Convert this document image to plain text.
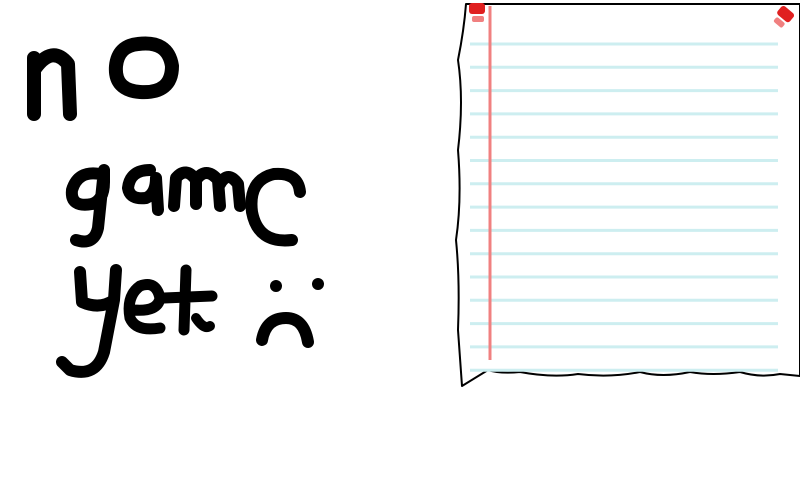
no
game
yet
:(
